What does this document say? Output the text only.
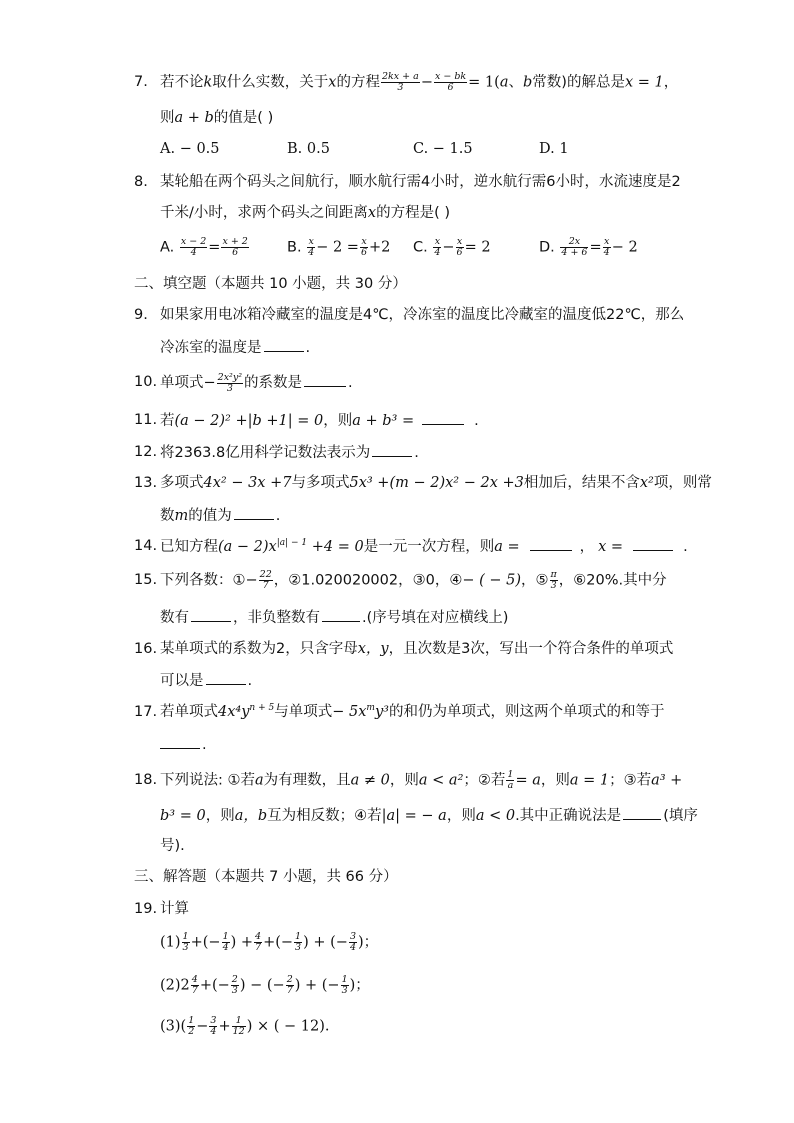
7. 若不论k取什么实数，关于x的方程 $\frac{2kx + a}{3} - \frac{x - bk}{6} = 1(a$、b常数)的解总是x = 1，
则a + b的值是( )
A. − 0.5	B. 0.5	C. − 1.5	D. 1
8. 某轮船在两个码头之间航行，顺水航行需4小时，逆水航行需6小时，水流速度是2
千米/小时，求两个码头之间距离x的方程是( )
A. $\frac{x - 2}{4} = \frac{x + 2}{6}$	B. $\frac{x}{4} - 2 = \frac{x}{6} +2$ C. $\frac{x}{4} - \frac{x}{6} = 2$	D. $\frac{2x}{4 + 6} = \frac{x}{4} - 2$
二、填空题（本题共 10 小题，共 30 分）
9. 如果家用电冰箱冷藏室的温度是4℃，冷冻室的温度比冷藏室的温度低22℃，那么
冷冻室的温度是	.
10. 单项式− $\frac{\text{2x²y²}}{3}$ 的系数是	.
11. 若(a − 2)² +|b +1| = 0，则a + b³ =	.
12. 将2363.8亿用科学记数法表示为	.
13. 多项式4x² − 3x +7与多项式5x³ +(m − 2)x² − 2x +3相加后，结果不含x²项，则常
数m的值为	.
14. 已知方程$(a - 2)x^{|a| - 1} +4 = 0$是一元一次方程，则a =	， x =	.
15. 下列各数：①− $\frac{22}{7}$ ，②1.020020002，③0，④− ( − 5)，⑤ $\frac{\pi}{3}$ ，⑥20%.其中分
数有	，非负整数有	.(序号填在对应横线上)
16. 某单项式的系数为2，只含字母x，y，且次数是3次，写出一个符合条件的单项式
可以是	.
17. 若单项式$4x^4y^{n + 5}$与单项式− $5x^my^3$的和仍为单项式，则这两个单项式的和等于
.
18. 下列说法: ①若a为有理数，且a ≠ 0，则a < a²；②若 $\frac{1}{a} = a$，则a = 1；③若a³ +
b³ = 0，则a，b互为相反数；④若|a| = − a，则a < 0.其中正确说法是	(填序
号).
三、解答题（本题共 7 小题，共 66 分）
19. 计算
$(1) \frac{1}{3}$ +(− $\frac{1}{4}$ ) + $\frac{4}{7}$ +(− $\frac{1}{3}$ ) + (− $\frac{3}{4}$ )；
$(2)2 \frac{4}{7}$ +(− $\frac{2}{3}$ ) − (− $\frac{2}{7}$ ) + (− $\frac{1}{3}$ )；
$(3)( \frac{1}{2} - \frac{3}{4} + \frac{1}{12}$ ) × ( − 12).
